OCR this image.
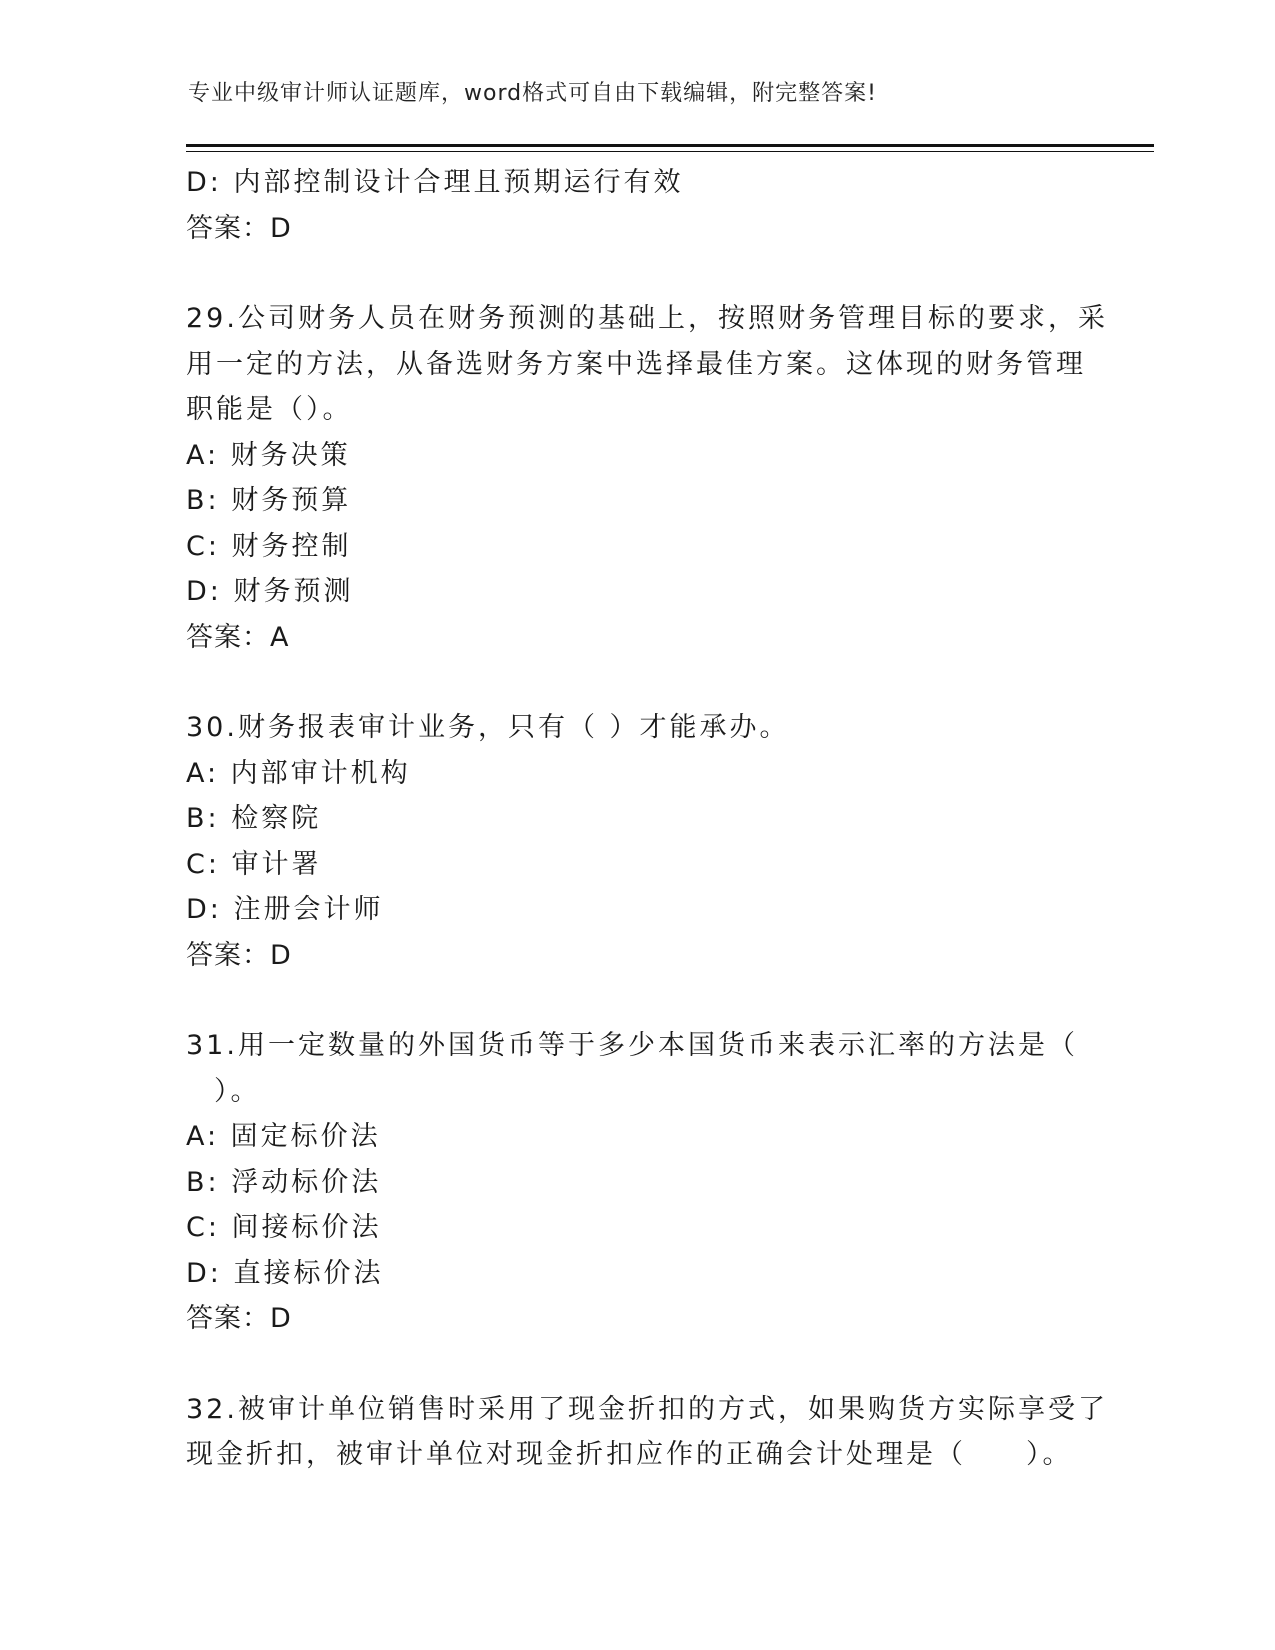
专业中级审计师认证题库，word格式可自由下载编辑，附完整答案!
D: 内部控制设计合理且预期运行有效
答案：D
29.公司财务人员在财务预测的基础上，按照财务管理目标的要求，采
用一定的方法，从备选财务方案中选择最佳方案。这体现的财务管理
职能是（）。
A: 财务决策
B: 财务预算
C: 财务控制
D: 财务预测
答案：A
30.财务报表审计业务，只有（ ）才能承办。
A: 内部审计机构
B: 检察院
C: 审计署
D: 注册会计师
答案：D
31.用一定数量的外国货币等于多少本国货币来表示汇率的方法是（
）。
A: 固定标价法
B: 浮动标价法
C: 间接标价法
D: 直接标价法
答案：D
32.被审计单位销售时采用了现金折扣的方式，如果购货方实际享受了
现金折扣，被审计单位对现金折扣应作的正确会计处理是（　　）。
